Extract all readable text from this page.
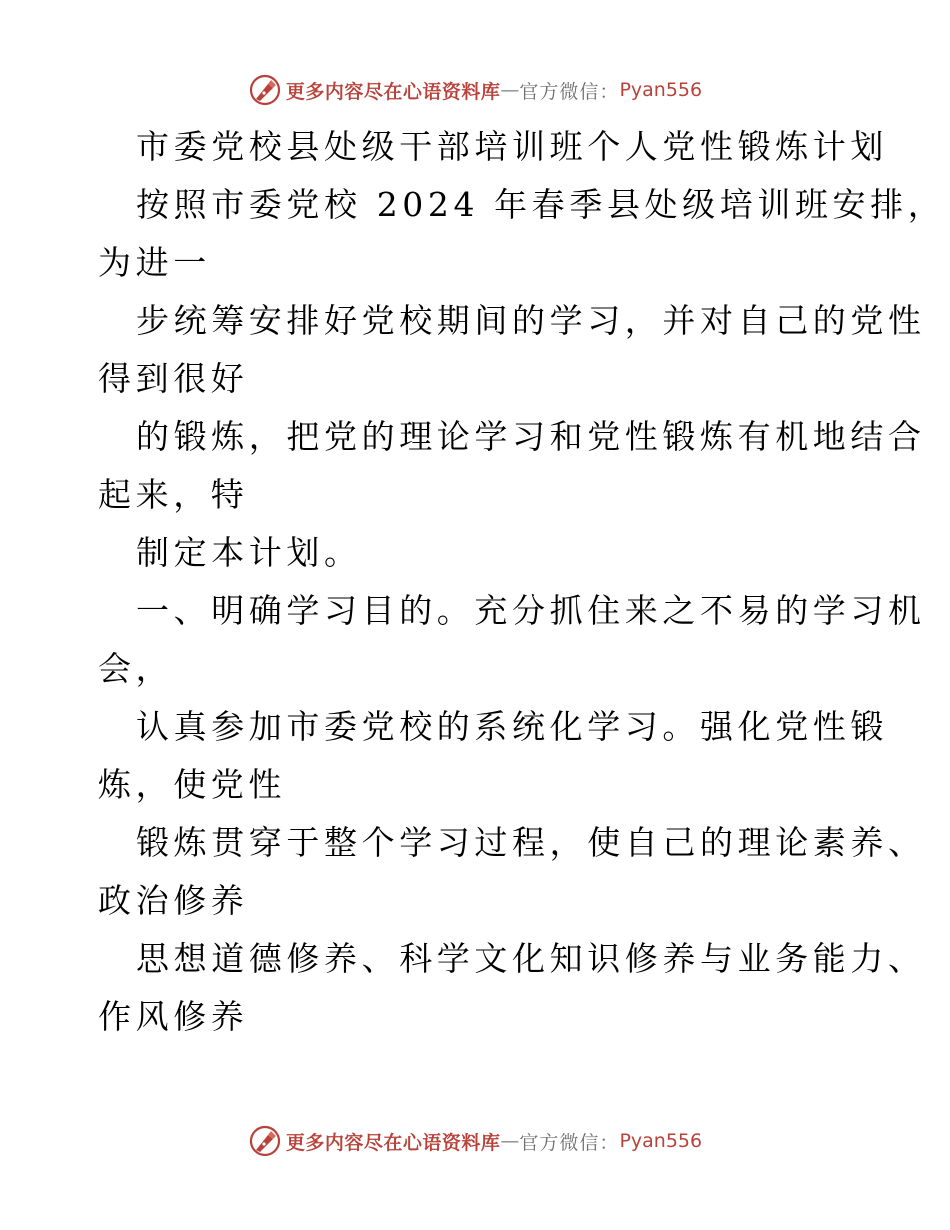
更多内容尽在心语资料库 — 官方微信： Pyan556
市委党校县处级干部培训班个人党性锻炼计划
按照市委党校 2024 年春季县处级培训班安排，
为进一
步统筹安排好党校期间的学习，并对自己的党性
得到很好
的锻炼，把党的理论学习和党性锻炼有机地结合
起来，特
制定本计划。
一、明确学习目的。充分抓住来之不易的学习机
会，
认真参加市委党校的系统化学习。强化党性锻
炼，使党性
锻炼贯穿于整个学习过程，使自己的理论素养、
政治修养
思想道德修养、科学文化知识修养与业务能力、
作风修养
更多内容尽在心语资料库 — 官方微信： Pyan556
